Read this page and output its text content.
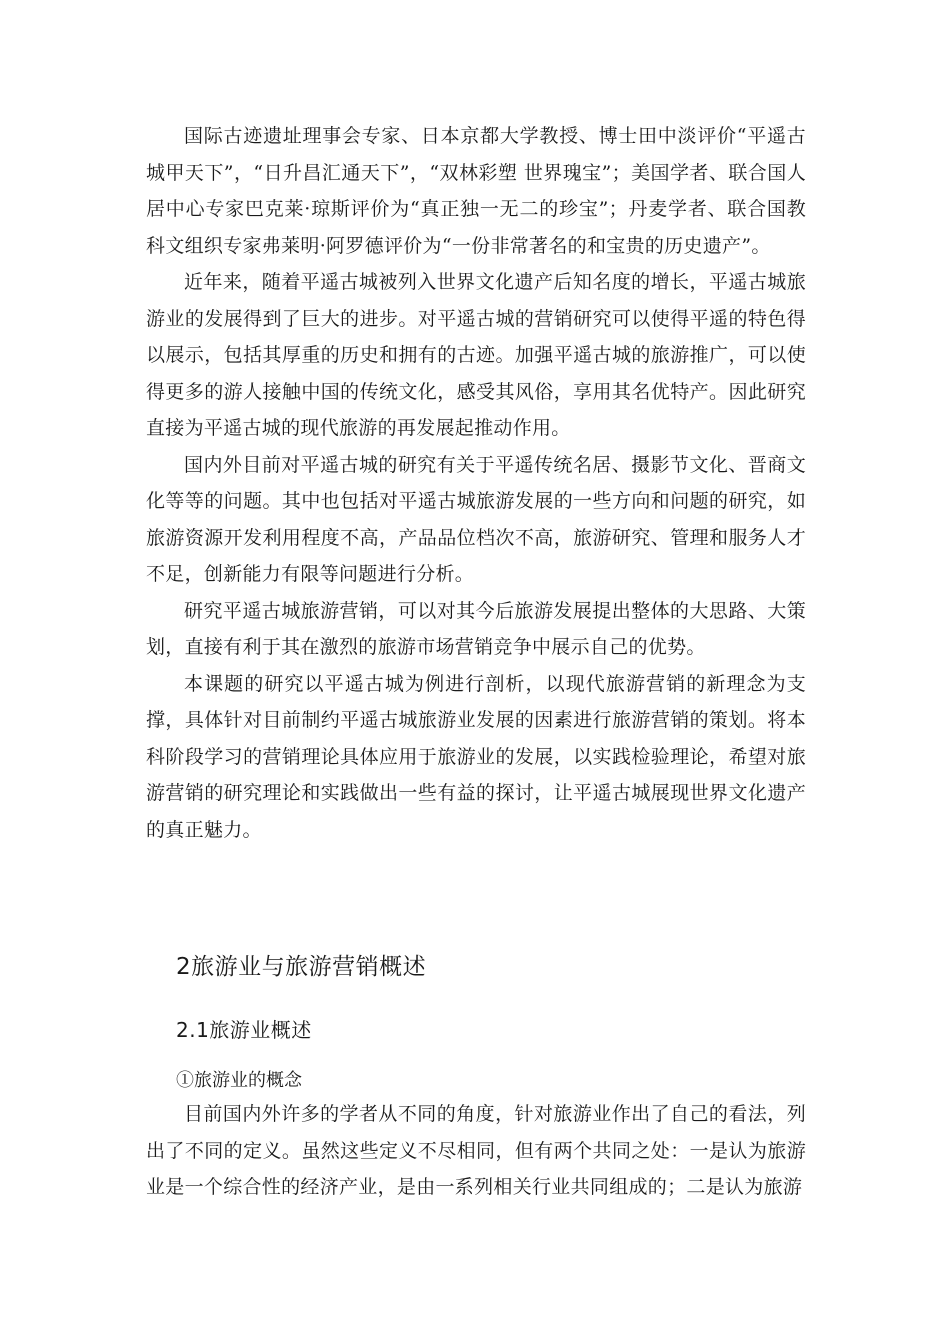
国际古迹遗址理事会专家、日本京都大学教授、博士田中淡评价“平遥古城甲天下”，“日升昌汇通天下”，“双林彩塑 世界瑰宝”；美国学者、联合国人居中心专家巴克莱·琼斯评价为“真正独一无二的珍宝”；丹麦学者、联合国教科文组织专家弗莱明·阿罗德评价为“一份非常著名的和宝贵的历史遗产”。

近年来，随着平遥古城被列入世界文化遗产后知名度的增长，平遥古城旅游业的发展得到了巨大的进步。对平遥古城的营销研究可以使得平遥的特色得以展示，包括其厚重的历史和拥有的古迹。加强平遥古城的旅游推广，可以使得更多的游人接触中国的传统文化，感受其风俗，享用其名优特产。因此研究直接为平遥古城的现代旅游的再发展起推动作用。

国内外目前对平遥古城的研究有关于平遥传统名居、摄影节文化、晋商文化等等的问题。其中也包括对平遥古城旅游发展的一些方向和问题的研究，如旅游资源开发利用程度不高，产品品位档次不高，旅游研究、管理和服务人才不足，创新能力有限等问题进行分析。

研究平遥古城旅游营销，可以对其今后旅游发展提出整体的大思路、大策划，直接有利于其在激烈的旅游市场营销竞争中展示自己的优势。

本课题的研究以平遥古城为例进行剖析，以现代旅游营销的新理念为支撑，具体针对目前制约平遥古城旅游业发展的因素进行旅游营销的策划。将本科阶段学习的营销理论具体应用于旅游业的发展，以实践检验理论，希望对旅游营销的研究理论和实践做出一些有益的探讨，让平遥古城展现世界文化遗产的真正魅力。

2旅游业与旅游营销概述
2.1旅游业概述
①旅游业的概念

目前国内外许多的学者从不同的角度，针对旅游业作出了自己的看法，列出了不同的定义。虽然这些定义不尽相同，但有两个共同之处：一是认为旅游业是一个综合性的经济产业，是由一系列相关行业共同组成的；二是认为旅游
